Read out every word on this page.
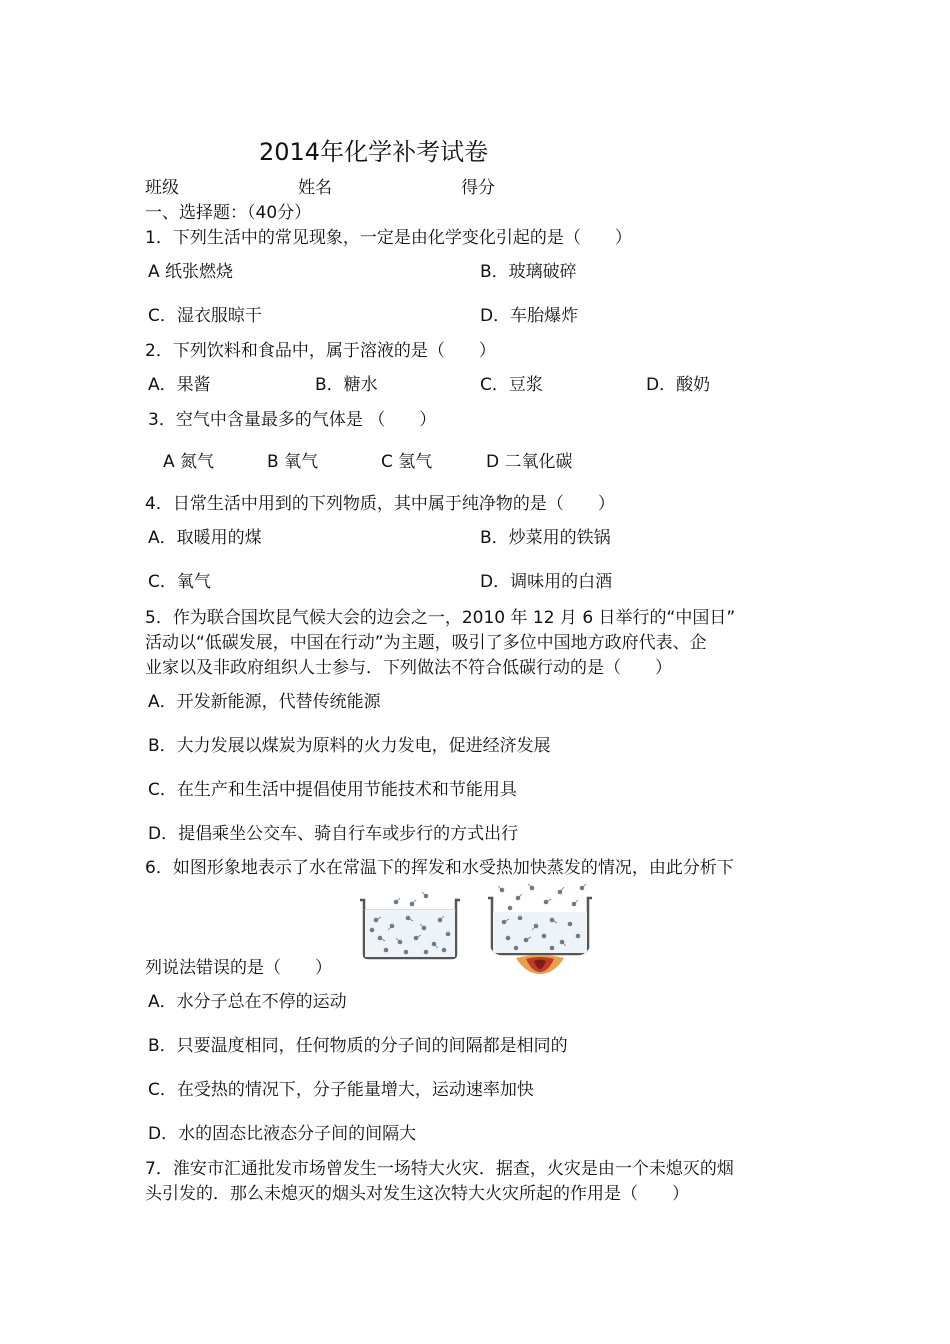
2014年化学补考试卷
班级	姓名	得分
一、选择题：（40分）
1．下列生活中的常见现象，一定是由化学变化引起的是（　　）
A 纸张燃烧	B．玻璃破碎
C．湿衣服晾干	D．车胎爆炸
2．下列饮料和食品中，属于溶液的是（　　）
A．果酱	B．糖水	C．豆浆	D．酸奶
3．空气中含量最多的气体是 （　　）
A 氮气	B 氧气	C 氢气	D 二氧化碳
4．日常生活中用到的下列物质，其中属于纯净物的是（　　）
A．取暖用的煤	B．炒菜用的铁锅
C．氧气	D．调味用的白酒
5．作为联合国坎昆气候大会的边会之一，2010 年 12 月 6 日举行的“中国日”
活动以“低碳发展，中国在行动”为主题，吸引了多位中国地方政府代表、企
业家以及非政府组织人士参与．下列做法不符合低碳行动的是（　　）
A．开发新能源，代替传统能源
B．大力发展以煤炭为原料的火力发电，促进经济发展
C．在生产和生活中提倡使用节能技术和节能用具
D．提倡乘坐公交车、骑自行车或步行的方式出行
6．如图形象地表示了水在常温下的挥发和水受热加快蒸发的情况，由此分析下
列说法错误的是（　　）
A．水分子总在不停的运动
B．只要温度相同，任何物质的分子间的间隔都是相同的
C．在受热的情况下，分子能量增大，运动速率加快
D．水的固态比液态分子间的间隔大
7．淮安市汇通批发市场曾发生一场特大火灾．据查，火灾是由一个未熄灭的烟
头引发的．那么未熄灭的烟头对发生这次特大火灾所起的作用是（　　）
